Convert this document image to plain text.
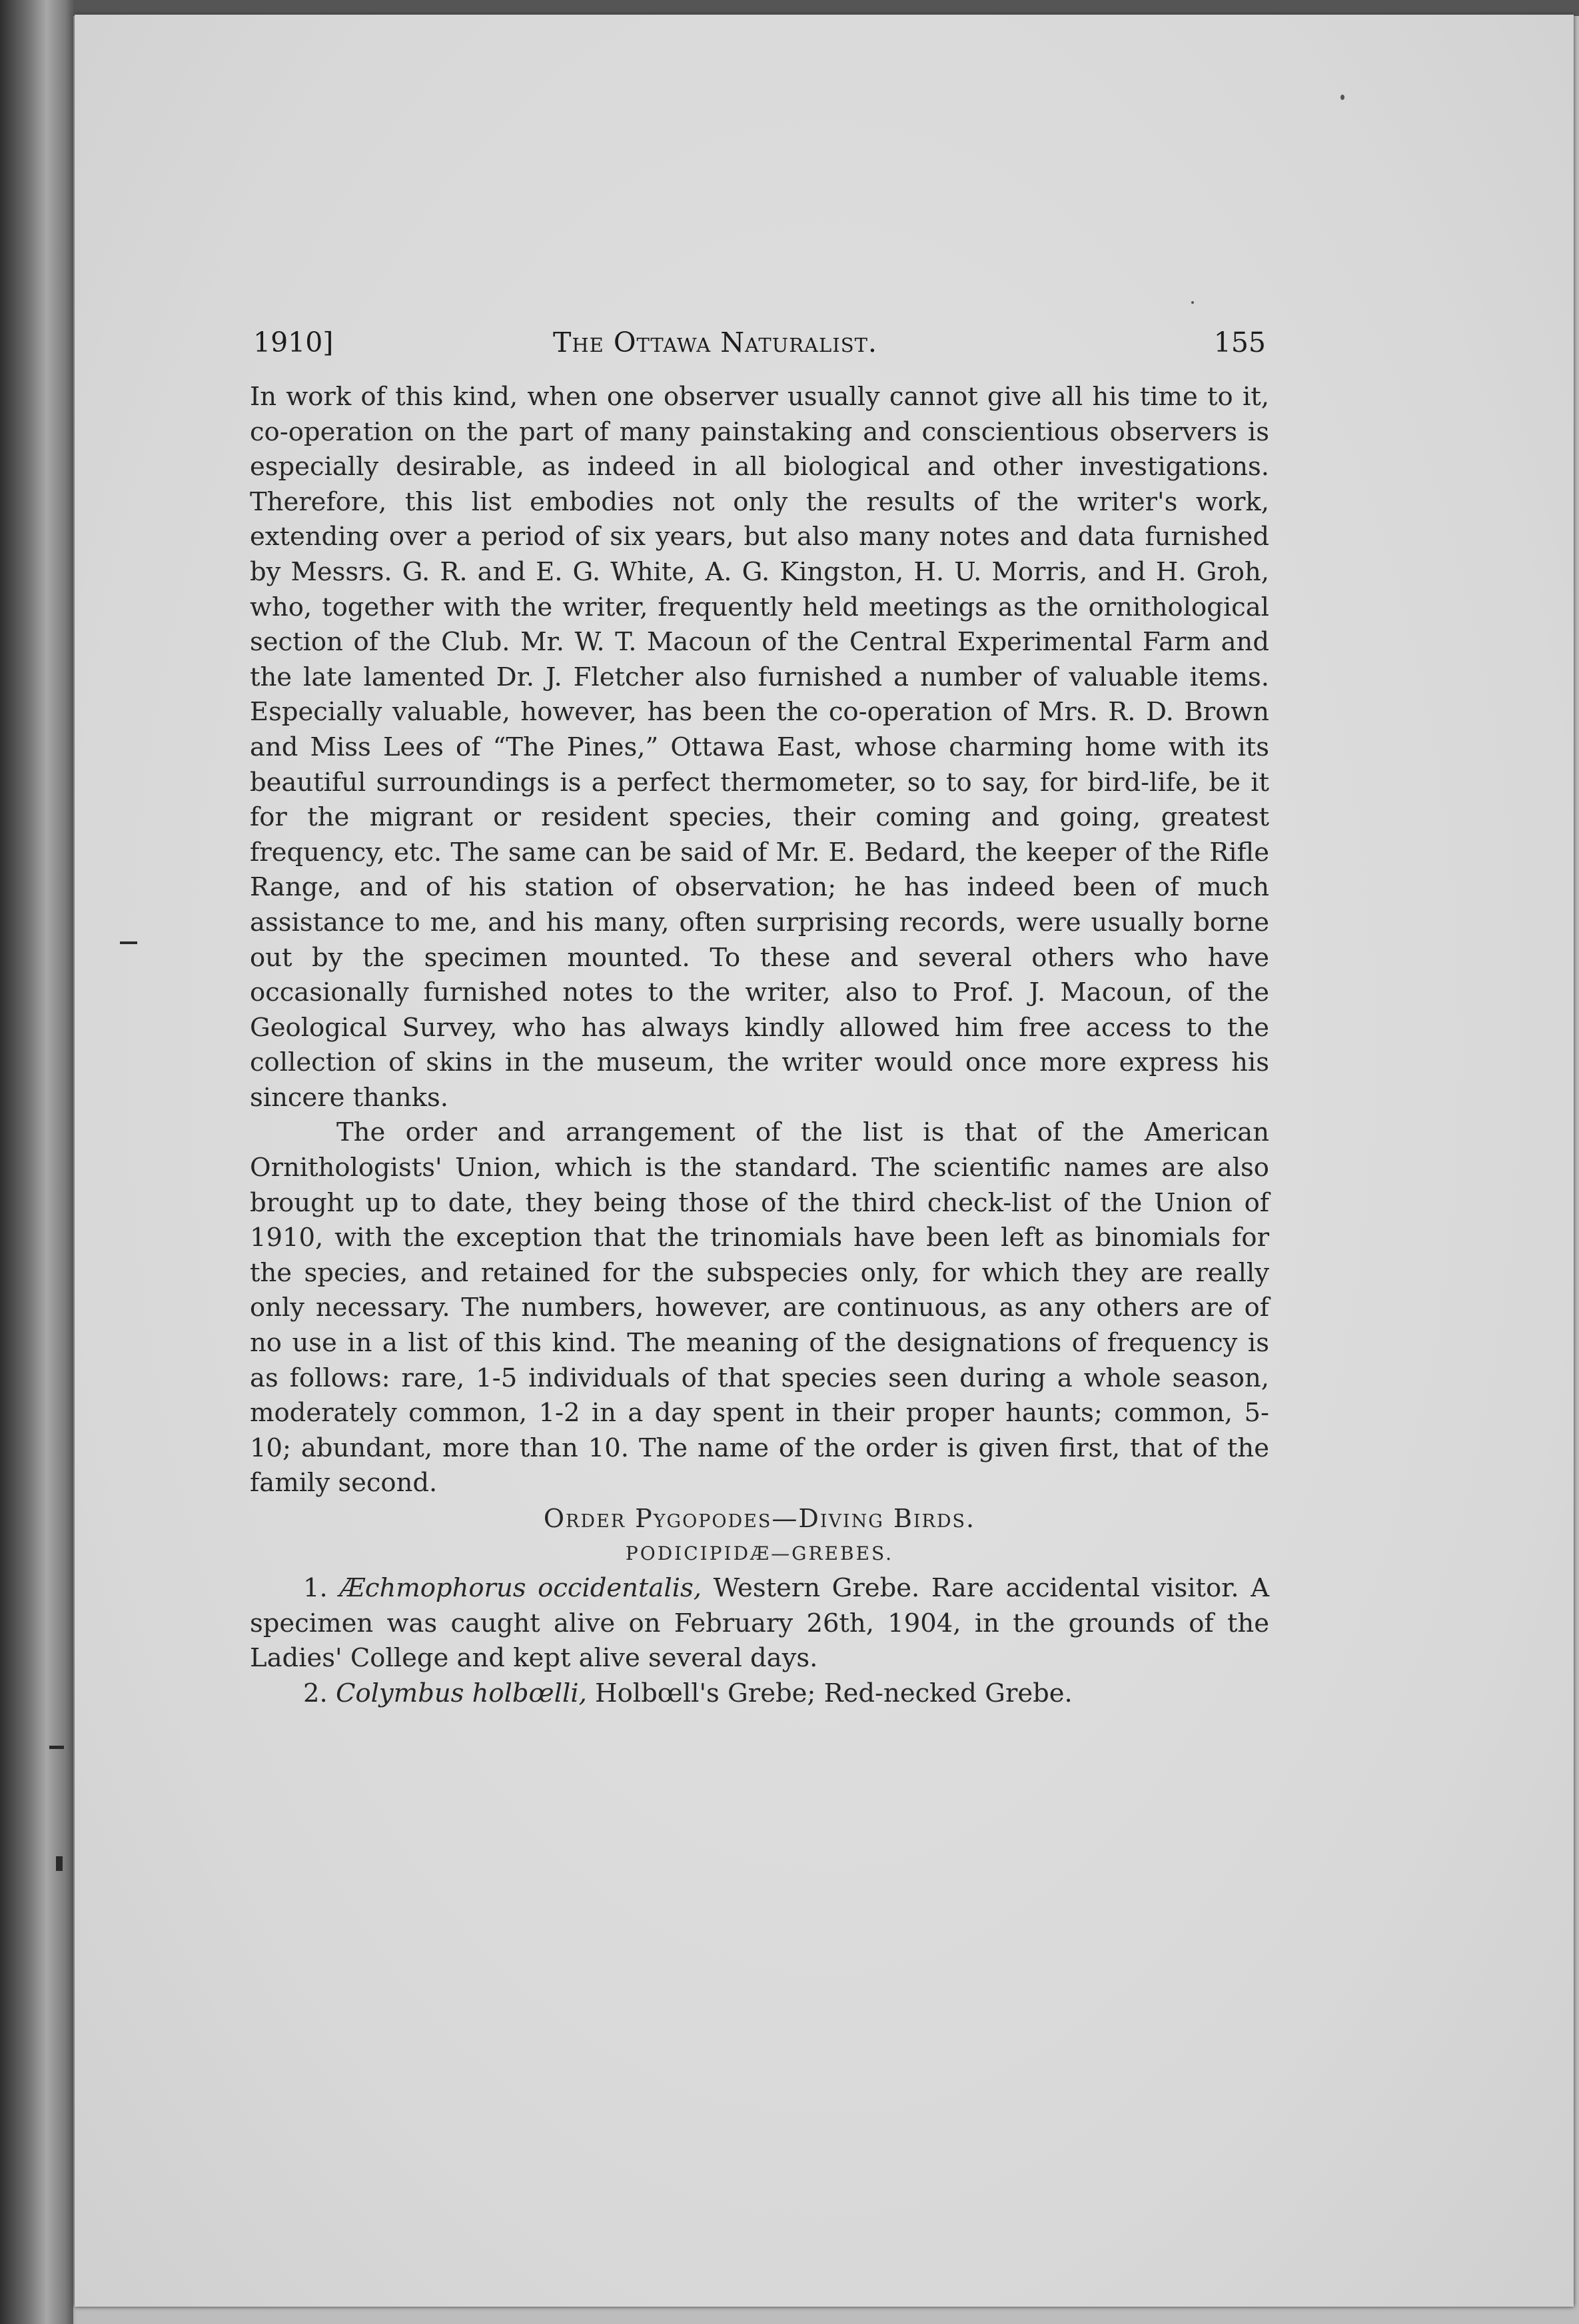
1910]	The Ottawa Naturalist.	155

In work of this kind, when one observer usually cannot give all his time to it, co-operation on the part of many painstaking and conscientious observers is especially desirable, as indeed in all biological and other investigations. Therefore, this list embodies not only the results of the writer's work, extending over a period of six years, but also many notes and data furnished by Messrs. G. R. and E. G. White, A. G. Kingston, H. U. Morris, and H. Groh, who, together with the writer, frequently held meetings as the ornithological section of the Club. Mr. W. T. Macoun of the Central Experimental Farm and the late lamented Dr. J. Fletcher also furnished a number of valuable items. Especially valuable, however, has been the co-operation of Mrs. R. D. Brown and Miss Lees of “The Pines,” Ottawa East, whose charming home with its beautiful surroundings is a perfect thermometer, so to say, for bird-life, be it for the migrant or resident species, their coming and going, greatest frequency, etc. The same can be said of Mr. E. Bedard, the keeper of the Rifle Range, and of his station of observation; he has indeed been of much assistance to me, and his many, often surprising records, were usually borne out by the specimen mounted. To these and several others who have occasionally furnished notes to the writer, also to Prof. J. Macoun, of the Geological Survey, who has always kindly allowed him free access to the collection of skins in the museum, the writer would once more express his sincere thanks.

The order and arrangement of the list is that of the American Ornithologists' Union, which is the standard. The scientific names are also brought up to date, they being those of the third check-list of the Union of 1910, with the exception that the trinomials have been left as binomials for the species, and retained for the subspecies only, for which they are really only necessary. The numbers, however, are continuous, as any others are of no use in a list of this kind. The meaning of the designations of frequency is as follows: rare, 1-5 individuals of that species seen during a whole season, moderately common, 1-2 in a day spent in their proper haunts; common, 5-10; abundant, more than 10. The name of the order is given first, that of the family second.

Order Pygopodes—Diving Birds.

PODICIPIDÆ—GREBES.

1. Æchmophorus occidentalis, Western Grebe. Rare accidental visitor. A specimen was caught alive on February 26th, 1904, in the grounds of the Ladies' College and kept alive several days.

2. Colymbus holbœlli, Holbœll's Grebe; Red-necked Grebe.
